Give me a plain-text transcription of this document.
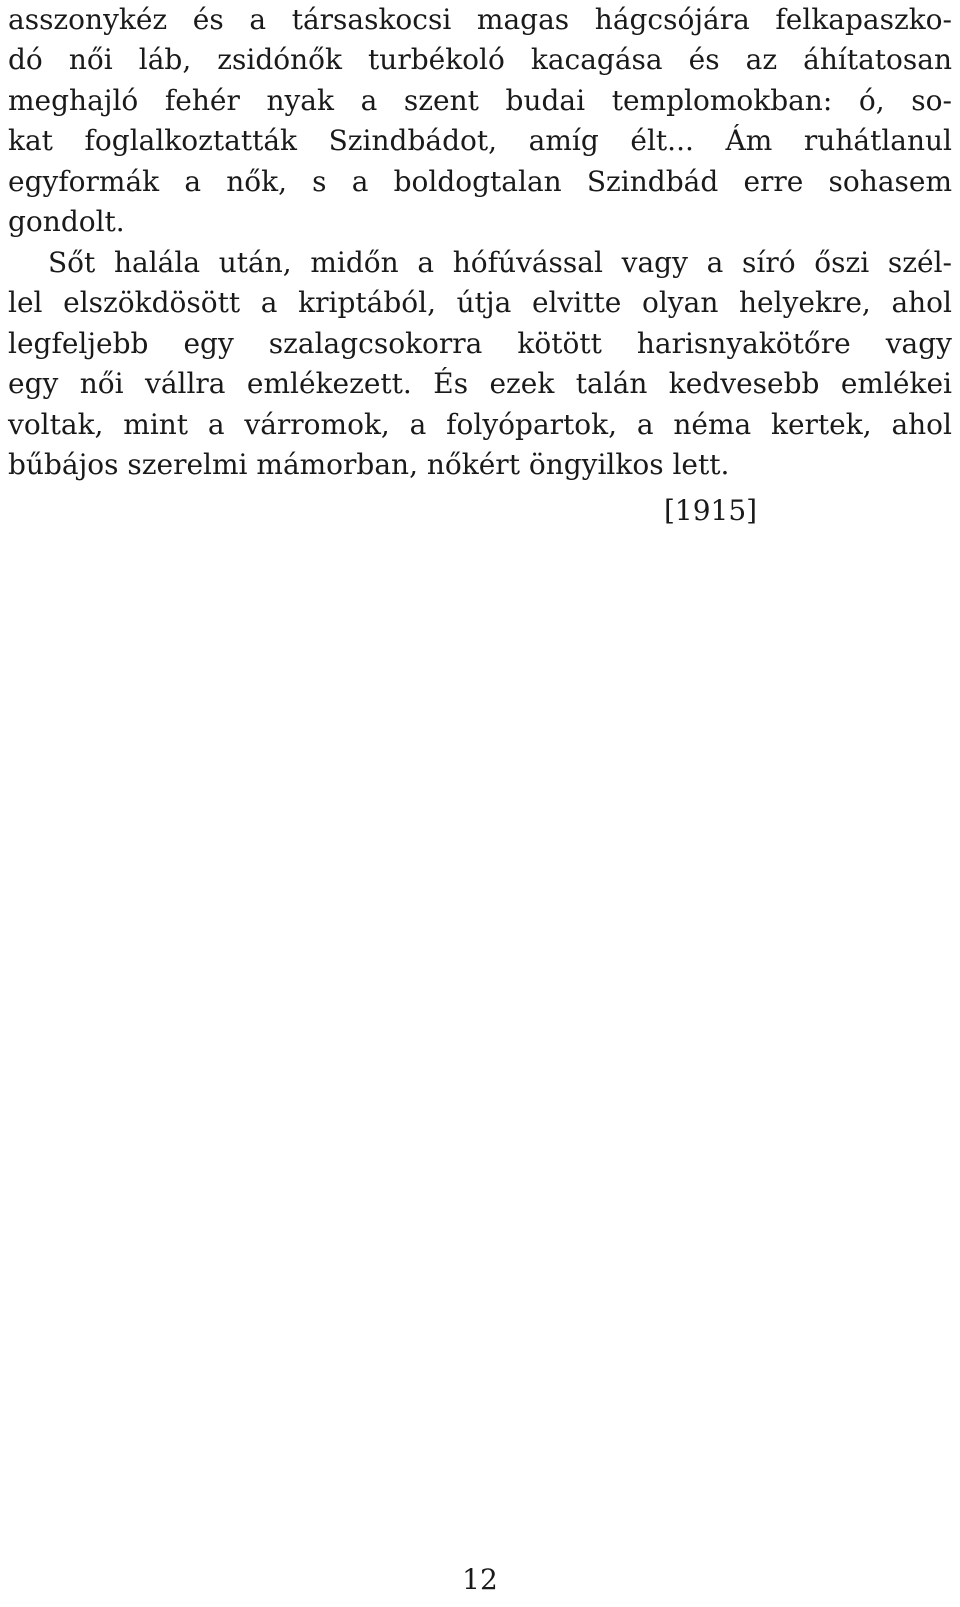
asszonykéz és a társaskocsi magas hágcsójára felkapaszko-
dó női láb, zsidónők turbékoló kacagása és az áhítatosan
meghajló fehér nyak a szent budai templomokban: ó, so-
kat foglalkoztatták Szindbádot, amíg élt... Ám ruhátlanul
egyformák a nők, s a boldogtalan Szindbád erre sohasem
gondolt.
Sőt halála után, midőn a hófúvással vagy a síró őszi szél-
lel elszökdösött a kriptából, útja elvitte olyan helyekre, ahol
legfeljebb egy szalagcsokorra kötött harisnyakötőre vagy
egy női vállra emlékezett. És ezek talán kedvesebb emlékei
voltak, mint a várromok, a folyópartok, a néma kertek, ahol
bűbájos szerelmi mámorban, nőkért öngyilkos lett.
[1915]
12
